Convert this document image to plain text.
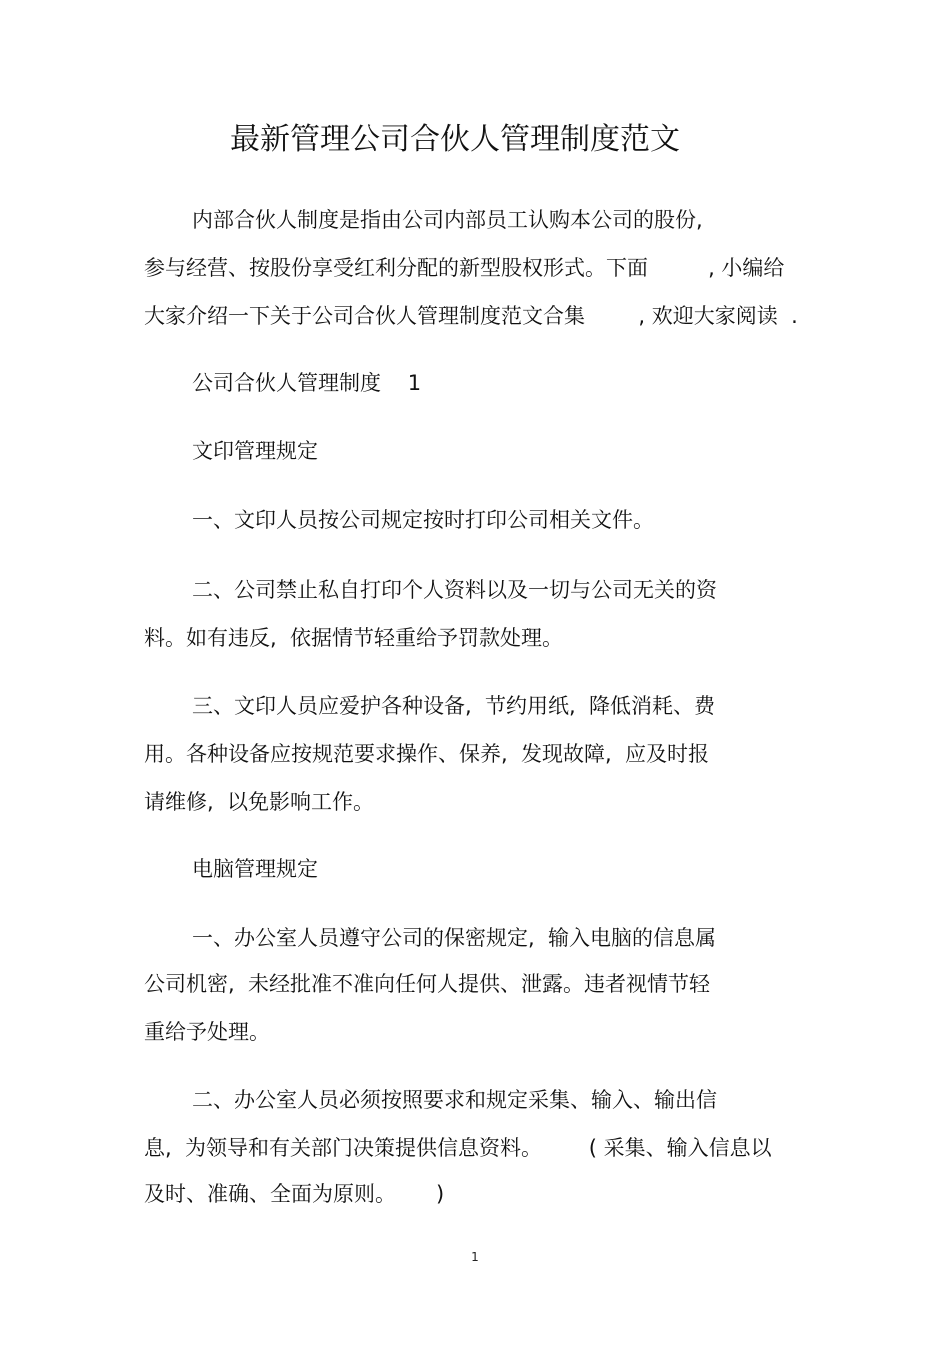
最新管理公司合伙人管理制度范文
内部合伙人制度是指由公司内部员工认购本公司的股份,
参与经营、按股份享受红利分配的新型股权形式。下面         , 小编给
大家介绍一下关于公司合伙人管理制度范文合集        , 欢迎大家阅读  .
公司合伙人管理制度    1
文印管理规定
一、文印人员按公司规定按时打印公司相关文件。
二、公司禁止私自打印个人资料以及一切与公司无关的资
料。如有违反,  依据情节轻重给予罚款处理。
三、文印人员应爱护各种设备,  节约用纸,  降低消耗、费
用。各种设备应按规范要求操作、保养,  发现故障,  应及时报
请维修,  以免影响工作。
电脑管理规定
一、办公室人员遵守公司的保密规定,  输入电脑的信息属
公司机密,  未经批准不准向任何人提供、泄露。违者视情节轻
重给予处理。
二、办公室人员必须按照要求和规定采集、输入、输出信
息,  为领导和有关部门决策提供信息资料。       ( 采集、输入信息以
及时、准确、全面为原则。      )
1
